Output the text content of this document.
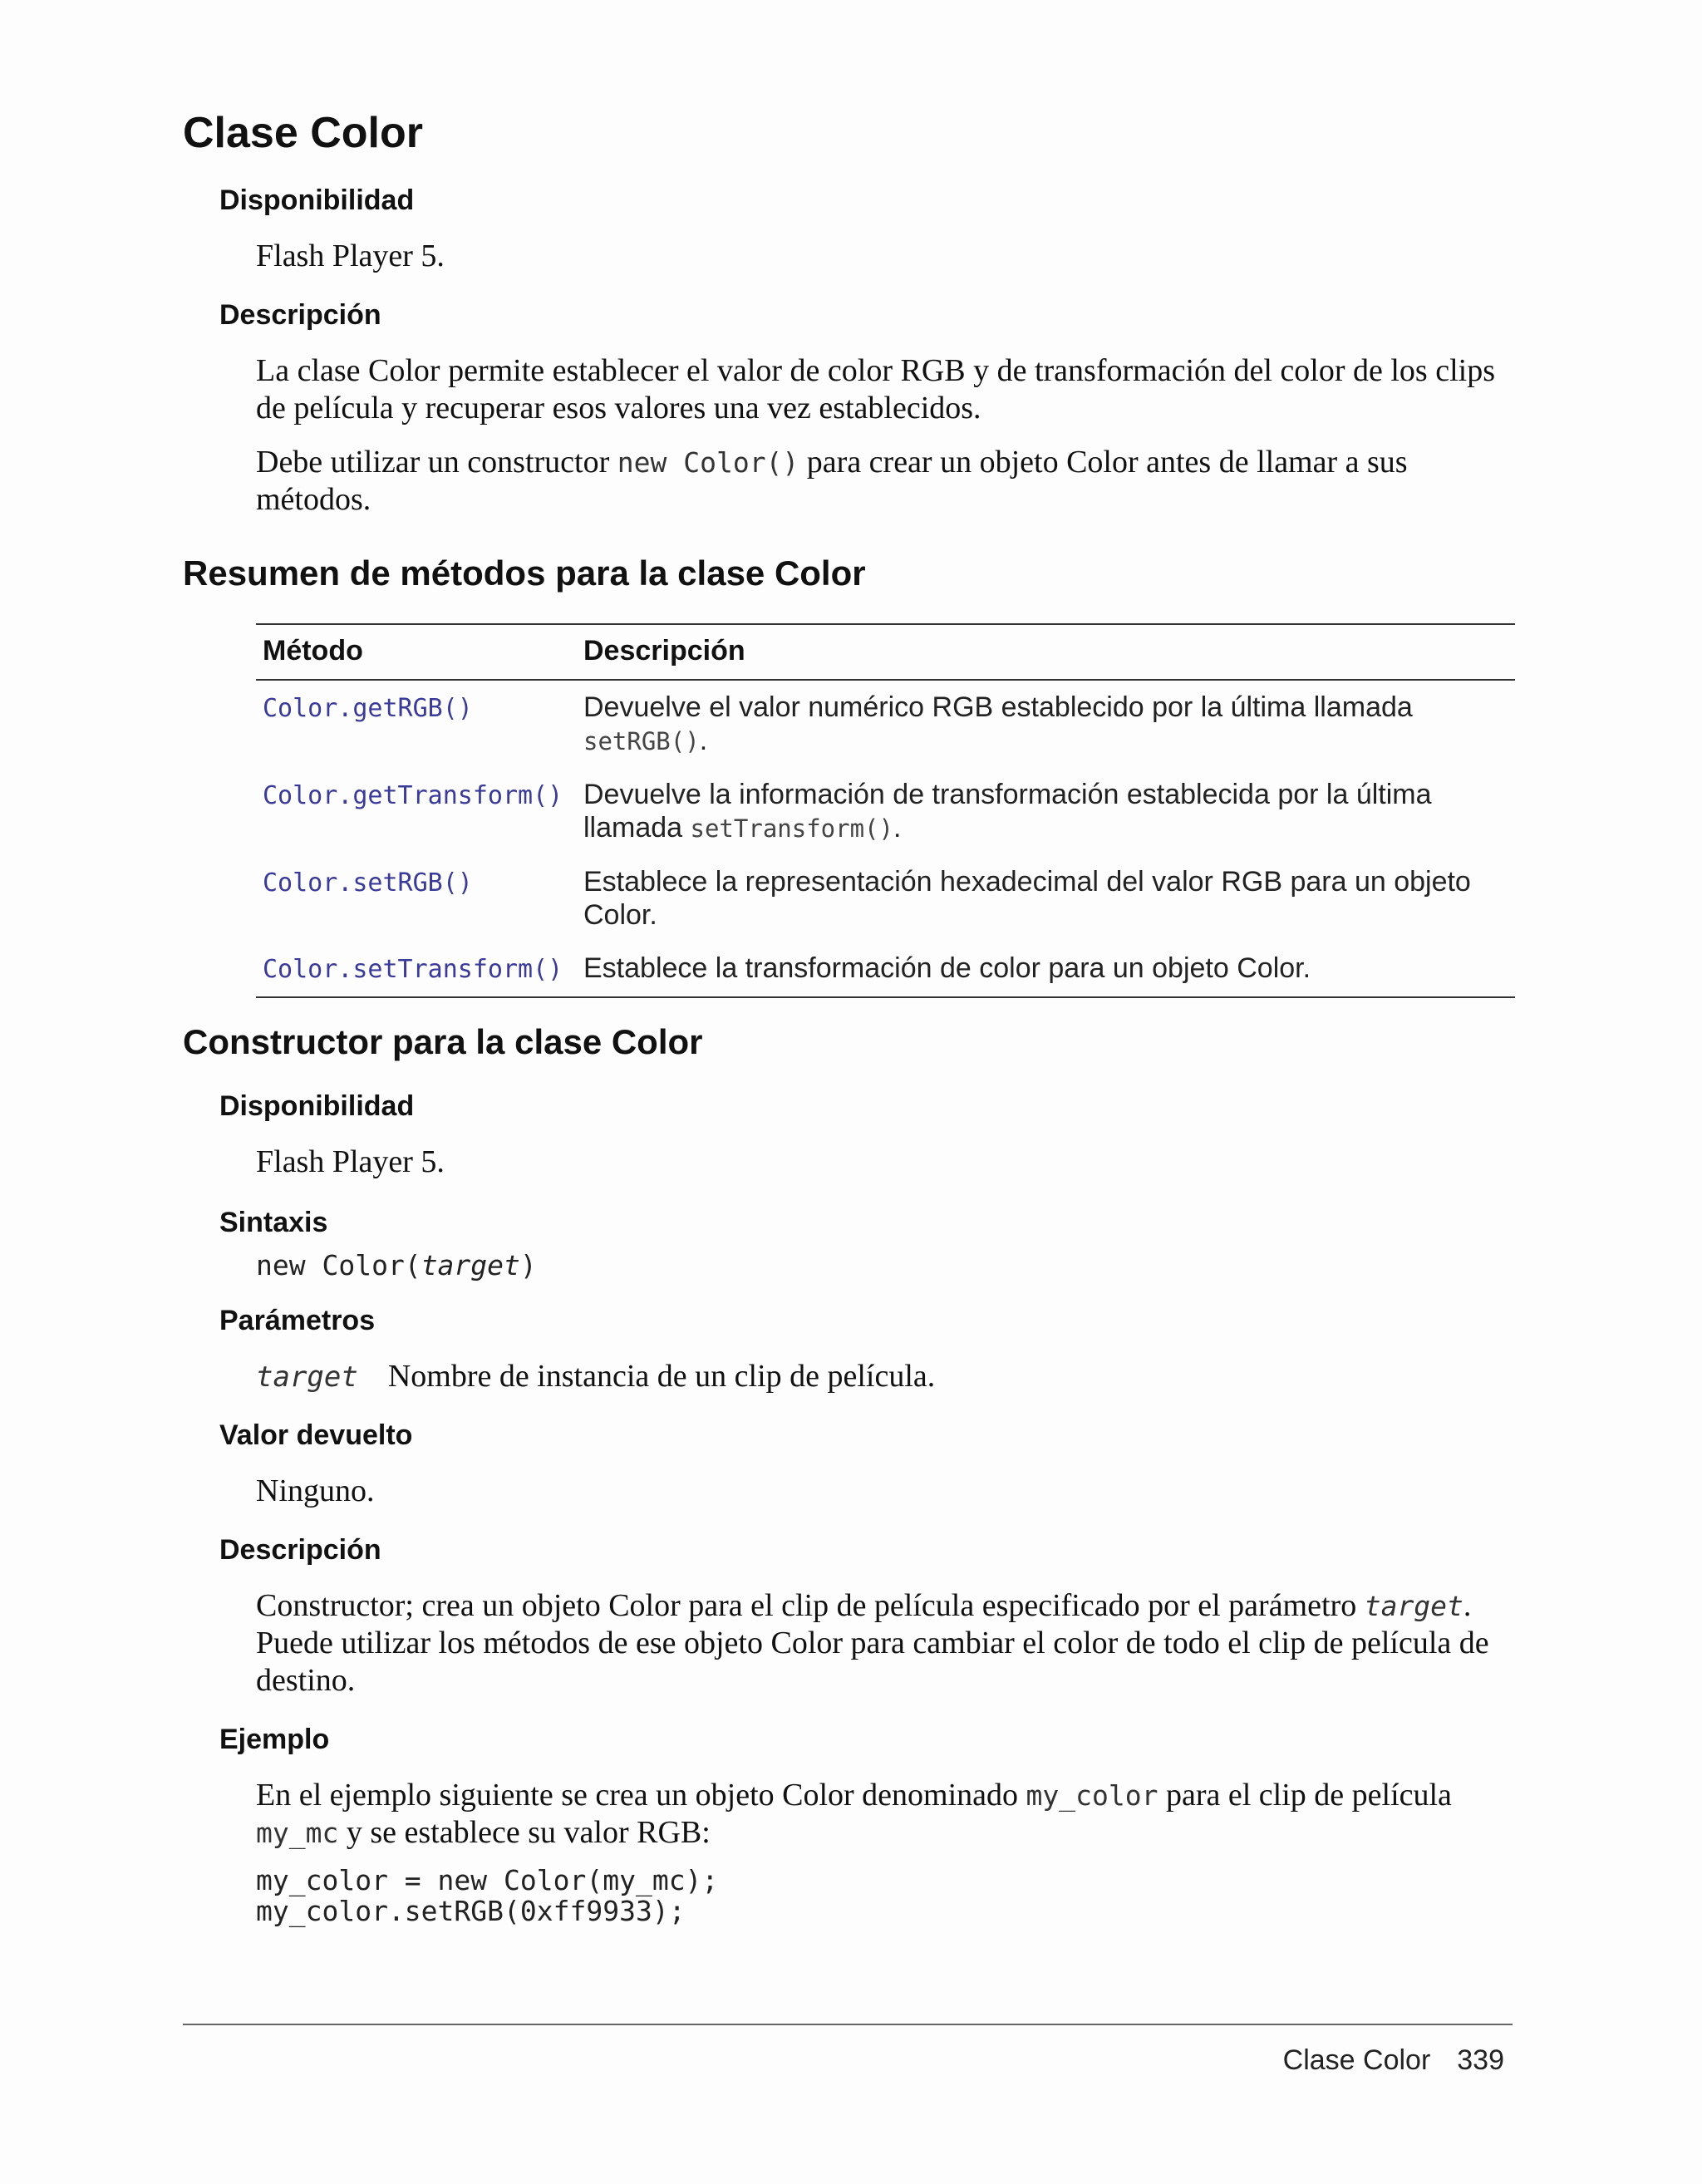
Clase Color
Disponibilidad

Flash Player 5.

Descripción

La clase Color permite establecer el valor de color RGB y de transformación del color de los clips de película y recuperar esos valores una vez establecidos.

Debe utilizar un constructor new Color() para crear un objeto Color antes de llamar a sus métodos.

Resumen de métodos para la clase Color
Método	Descripción
Color.getRGB()	Devuelve el valor numérico RGB establecido por la última llamada setRGB().
Color.getTransform()	Devuelve la información de transformación establecida por la última llamada setTransform().
Color.setRGB()	Establece la representación hexadecimal del valor RGB para un objeto Color.
Color.setTransform()	Establece la transformación de color para un objeto Color.
Constructor para la clase Color
Disponibilidad

Flash Player 5.

Sintaxis
new Color(target)
Parámetros

target Nombre de instancia de un clip de película.

Valor devuelto

Ninguno.

Descripción

Constructor; crea un objeto Color para el clip de película especificado por el parámetro target. Puede utilizar los métodos de ese objeto Color para cambiar el color de todo el clip de película de destino.

Ejemplo

En el ejemplo siguiente se crea un objeto Color denominado my_color para el clip de película my_mc y se establece su valor RGB:

my_color = new Color(my_mc);
my_color.setRGB(0xff9933);
Clase Color 339
